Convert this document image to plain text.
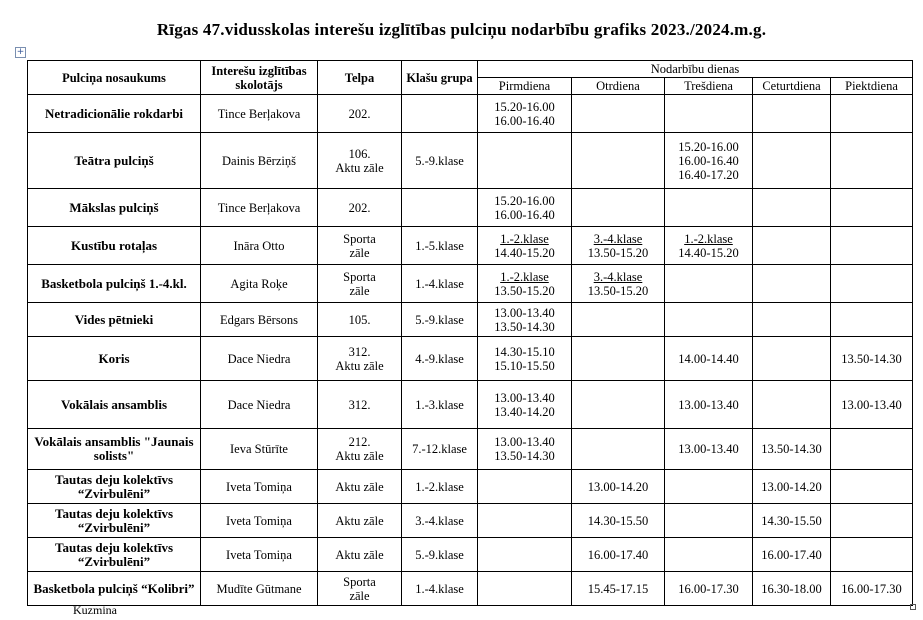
Rīgas 47.vidusskolas interešu izglītības pulciņu nodarbību grafiks 2023./2024.m.g.
+
Pulciņa nosaukums	Interešu izglītības skolotājs	Telpa	Klašu grupa	Nodarbību dienas				
				Pirmdiena	Otrdiena	Trešdiena	Ceturtdiena	Piektdiena
Netradicionālie rokdarbi	Tince Berļakova	202.		15.20-16.00
16.00-16.40				

Teātra pulciņš	Dainis Bērziņš	106.
Aktu zāle	5.-9.klase			15.20-16.00
16.00-16.40
16.40-17.20		

Mākslas pulciņš	Tince Berļakova	202.		15.20-16.00
16.00-16.40				

Kustību rotaļas	Ināra Otto	Sporta
zāle	1.-5.klase	1.-2.klase
14.40-15.20	3.-4.klase
13.50-15.20	1.-2.klase
14.40-15.20		

Basketbola pulciņš 1.-4.kl.	Agita Roķe	Sporta
zāle	1.-4.klase	1.-2.klase
13.50-15.20	3.-4.klase
13.50-15.20			

Vides pētnieki	Edgars Bērsons	105.	5.-9.klase	13.00-13.40
13.50-14.30				

Koris	Dace Niedra	312.
Aktu zāle	4.-9.klase	14.30-15.10
15.10-15.50		14.00-14.40		13.50-14.30

Vokālais ansamblis	Dace Niedra	312.	1.-3.klase	13.00-13.40
13.40-14.20		13.00-13.40		13.00-13.40

Vokālais ansamblis "Jaunais solists"	Ieva Stūrīte	212.
Aktu zāle	7.-12.klase	13.00-13.40
13.50-14.30		13.00-13.40	13.50-14.30	

Tautas deju kolektīvs “Zvirbulēni”	Iveta Tomiņa	Aktu zāle	1.-2.klase		13.00-14.20		13.00-14.20	

Tautas deju kolektīvs “Zvirbulēni”	Iveta Tomiņa	Aktu zāle	3.-4.klase		14.30-15.50		14.30-15.50	

Tautas deju kolektīvs “Zvirbulēni”	Iveta Tomiņa	Aktu zāle	5.-9.klase		16.00-17.40		16.00-17.40	

Basketbola pulciņš “Kolibri”	Mudīte Gūtmane	Sporta
zāle	1.-4.klase		15.45-17.15	16.00-17.30	16.30-18.00	16.00-17.30
Kuzmina
